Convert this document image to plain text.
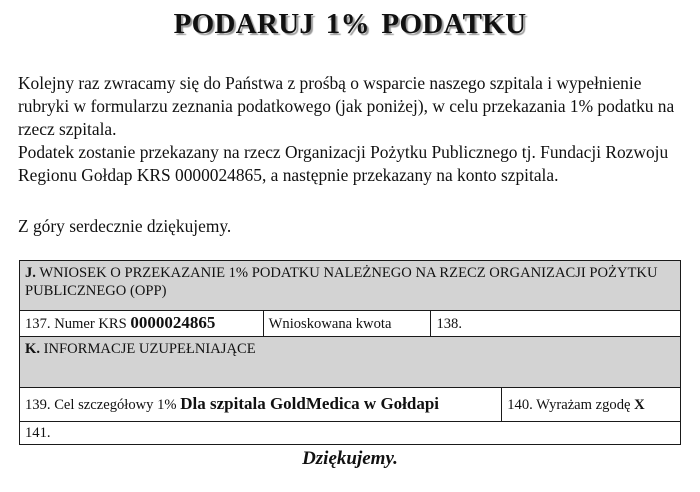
PODARUJ 1% PODATKU

Kolejny raz zwracamy się do Państwa z prośbą o wsparcie naszego szpitala i wypełnienie rubryki w formularzu zeznania podatkowego (jak poniżej), w celu przekazania 1% podatku na rzecz szpitala.

Podatek zostanie przekazany na rzecz Organizacji Pożytku Publicznego tj. Fundacji Rozwoju Regionu Gołdap KRS 0000024865, a następnie przekazany na konto szpitala.

Z góry serdecznie dziękujemy.
J. WNIOSEK O PRZEKAZANIE 1% PODATKU NALEŻNEGO NA RZECZ ORGANIZACJI POŻYTKU PUBLICZNEGO (OPP)			
137. Numer KRS 0000024865	Wnioskowana kwota	138.	
K. INFORMACJE UZUPEŁNIAJĄCE			
139. Cel szczegółowy 1% Dla szpitala GoldMedica w Gołdapi			140. Wyrażam zgodę X
141.			
Dziękujemy.
